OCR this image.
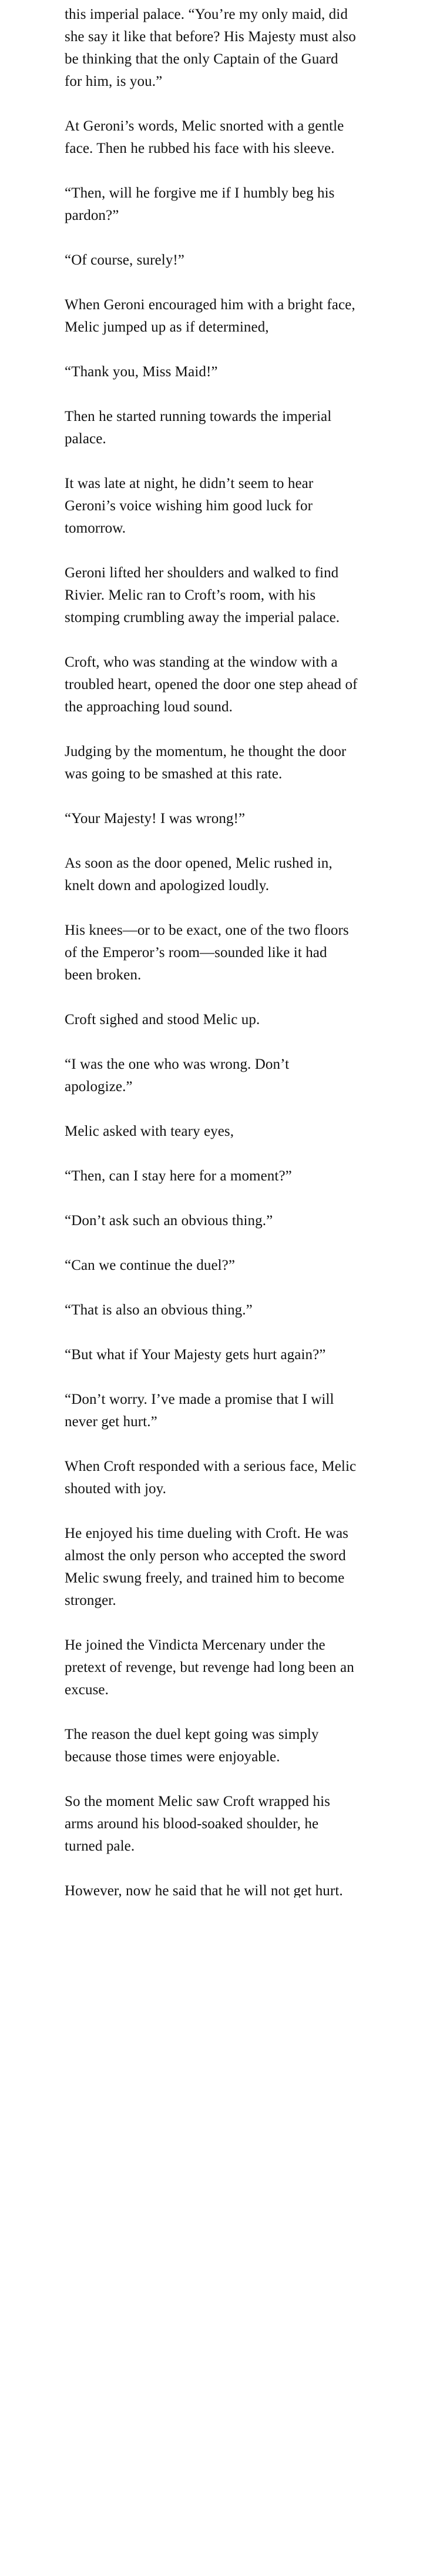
this imperial palace. “You’re my only maid, did she say it like that before? His Majesty must also be thinking that the only Captain of the Guard for him, is you.”

At Geroni’s words, Melic snorted with a gentle face. Then he rubbed his face with his sleeve.

“Then, will he forgive me if I humbly beg his pardon?”

“Of course, surely!”

When Geroni encouraged him with a bright face, Melic jumped up as if determined,

“Thank you, Miss Maid!”

Then he started running towards the imperial palace.

It was late at night, he didn’t seem to hear Geroni’s voice wishing him good luck for tomorrow.

Geroni lifted her shoulders and walked to find Rivier. Melic ran to Croft’s room, with his stomping crumbling away the imperial palace.

Croft, who was standing at the window with a troubled heart, opened the door one step ahead of the approaching loud sound.

Judging by the momentum, he thought the door was going to be smashed at this rate.

“Your Majesty! I was wrong!”

As soon as the door opened, Melic rushed in, knelt down and apologized loudly.

His knees—or to be exact, one of the two floors of the Emperor’s room—sounded like it had been broken.

Croft sighed and stood Melic up.

“I was the one who was wrong. Don’t apologize.”

Melic asked with teary eyes,

“Then, can I stay here for a moment?”

“Don’t ask such an obvious thing.”

“Can we continue the duel?”

“That is also an obvious thing.”

“But what if Your Majesty gets hurt again?”

“Don’t worry. I’ve made a promise that I will never get hurt.”

When Croft responded with a serious face, Melic shouted with joy.

He enjoyed his time dueling with Croft. He was almost the only person who accepted the sword Melic swung freely, and trained him to become stronger.

He joined the Vindicta Mercenary under the pretext of revenge, but revenge had long been an excuse.

The reason the duel kept going was simply because those times were enjoyable.

So the moment Melic saw Croft wrapped his arms around his blood-soaked shoulder, he turned pale.

However, now he said that he will not get hurt.
